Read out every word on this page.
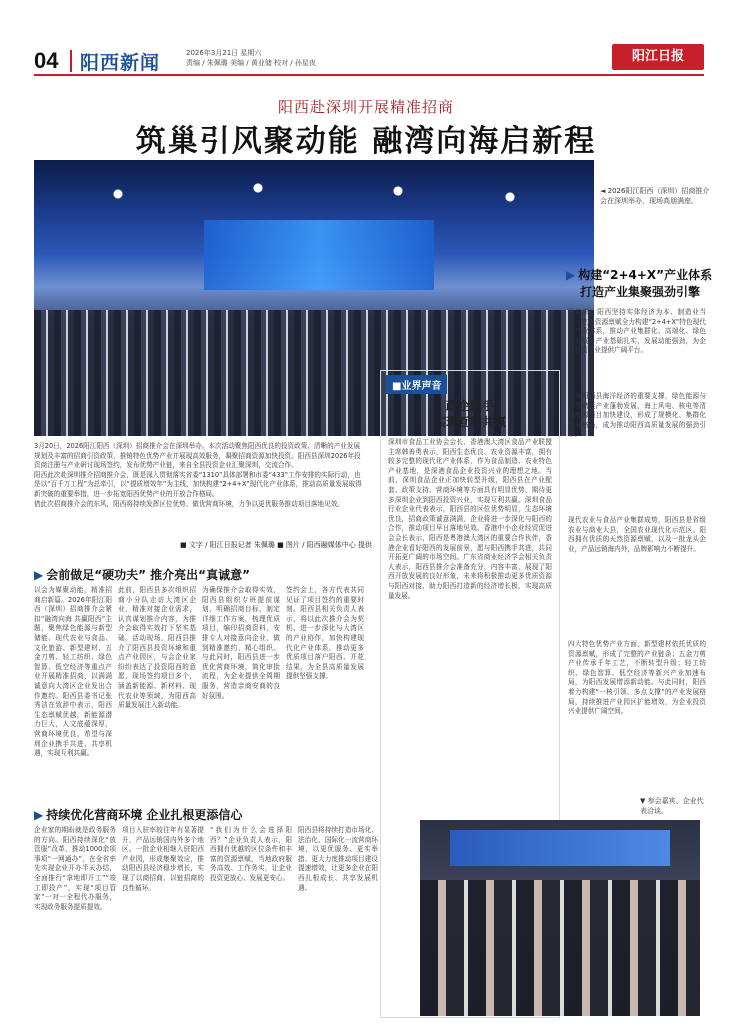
04 阳西新闻	2026年3月21日 星期六
责编 / 朱佩璐 美编 / 黄业储 校对 / 孙星夜	阳江日报
阳西赴深圳开展精准招商
筑巢引风聚动能 融湾向海启新程
◄ 2026阳江阳西（深圳）招商推介会在深圳举办，现场高朋满座。

3月20日，2026阳江阳西（深圳）招商推介会在深圳举办。本次活动聚焦阳西优良的投资政策、清晰的产业发展规划及丰富的招商引资政策，推销特色优势产业并展现高效服务，凝聚招商资源加快投资。阳西县深圳2026年投资商注册与产业研讨现场签约，发布优势产业链，来自全县投资企业汇聚深圳，交流合作。

阳西此次赴深圳推介招商推介会，既是深入贯彻落实省委“1310”具体部署和市委“433”工作安排的实际行动，也是以“百千万工程”为总牵引，以“提质增效年”为主线，加快构建“2+4+X”现代化产业体系，推动高质量发展取得新突破的重要举措，进一步拓宽阳西优势产业的开放合作格局。

借此次招商推介会的东风，阳西将持续发挥区位优势、做优营商环境，力争以更优服务推动项目落地见效。

■ 文字 / 阳江日报记者 朱佩璐 ■ 图片 / 阳西融媒体中心 提供
▶ 会前做足“硬功夫” 推介亮出“真诚意”
以会为媒聚动能，精准招商启新篇。2026年阳江阳西（深圳）招商推介会紧扣“融湾向海 共赢阳西”主题，聚焦绿色能源与新型储能、现代农业与食品、文化旅游、新型建材、五金刀剪、轻工纺织、绿色智算、低空经济等重点产业开展精准招商，以满满诚意向大湾区企业发出合作邀约。阳西县委书记张秀洁在致辞中表示，阳西生态禀赋优越，新能源潜力巨大，人文底蕴深厚，营商环境优良，希望与深圳企业携手共进、共享机遇，实现互利共赢。
此前，阳西县多次组织招商小分队走访大湾区企业，精准对接企业需求，认真谋划推介内容，为推介会取得实效打下坚实基础。活动现场，阳西县推介了阳西县投资环境和重点产业园区，与会企业家纷纷表达了投资阳西的意愿，现场签约项目多个，涵盖新能源、新材料、现代农业等领域，为阳西高质量发展注入新动能。
为确保推介会取得实效，阳西县组织专班提前谋划，明确招商目标，制定详细工作方案，梳理优质项目，编印招商资料，安排专人对接意向企业，做到精准邀约、精心组织。与此同时，阳西县进一步优化营商环境，简化审批流程，为企业提供全周期服务，营造亲商安商的良好氛围。
签约会上，各方代表共同见证了项目签约的重要时刻。阳西县相关负责人表示，将以此次推介会为契机，进一步深化与大湾区的产业协作，加快构建现代化产业体系，推动更多优质项目落户阳西、开花结果，为全县高质量发展提供坚强支撑。
▶ 持续优化营商环境 企业扎根更添信心
企业家的期盼就是政务服务的方向。阳西持续深化“放管服”改革，推动1000余项事项“一网通办”，在全省率先实现企业开办半天办结，全面推行“拿地即开工”“竣工即投产”，实现“项目管家”一对一全程代办服务，实现政务服务提质提效。
项目入驻率较往年有显著提升，产品远销国内外多个地区。一批企业相继入驻阳西产业园，形成集聚效应，推动阳西县经济稳步增长，实现了以商招商、以链招商的良性循环。
“我们为什么会选择阳西？”企业负责人表示，阳西拥有优越的区位条件和丰富的资源禀赋，当地政府服务高效、工作务实，让企业投资更放心、发展更安心。
阳西县将持续打造市场化、法治化、国际化一流营商环境，以更优服务、更实举措、更大力度推动项目建设提速增效，让更多企业在阳西扎根成长、共享发展机遇。
■业界声音
政企携手
实现互利共赢
深圳市食品工业协会会长、香港澳大湾区食品产业联盟主席韩善勇表示，阳西生态优良、农业资源丰富，拥有较多完整的现代化产业体系，作为食品制造、农业特色产业基地，是深港食品企业投资兴业的理想之地。当前，深圳食品企业正加快转型升级，阳西县在产业配套、政策支持、营商环境等方面具有明显优势，期待更多深圳企业到阳西投资兴业，实现互利共赢。深圳食品行业企业代表表示，阳西县的区位优势明显，生态环境优良，招商政策诚意满满，企业将进一步深化与阳西的合作，推动项目早日落地见效。香港中小企业经贸促进会会长表示，阳西是粤港澳大湾区的重要合作伙伴，香港企业看好阳西的发展前景，愿与阳西携手共进，共同开拓更广阔的市场空间。广东省商业经济学会相关负责人表示，阳西县推介会准备充分，内容丰富，展现了阳西开放发展的良好形象，未来将积极推动更多优质资源与阳西对接，助力阳西打造新的经济增长极，实现高质量发展。
▶ 构建“2+4+X”产业体系
打造产业集聚强劲引擎
近年来，阳西坚持实体经济为本、制造业当家，立足资源禀赋全力构建“2+4+X”特色现代化产业体系，推动产业集群化、高端化、绿色化发展，产业基础扎实，发展动能强劲，为企业投资兴业提供广阔平台。
作为阳西县海洋经济的重要支撑，绿色能源与新型储能产业蓬勃发展，海上风电、核电等清洁能源项目加快建设，形成了规模化、集群化发展格局，成为推动阳西高质量发展的强劲引擎。
现代农业与食品产业集群成势，阳西县是省级农业与商业大县，全国农业现代化示范区。阳西拥有优质的天然资源禀赋，以及一批龙头企业，产品远销海内外，品牌影响力不断提升。
四大特色优势产业方面，新型建材依托优质的资源禀赋，形成了完整的产业链条；五金刀剪产业传承千年工艺，不断转型升级；轻工纺织、绿色智算、低空经济等新兴产业加速布局，为阳西发展增添新动能。与此同时，阳西着力构建“一核引领、多点支撑”的产业发展格局，持续推进产业园区扩能增效，为企业投资兴业提供广阔空间。
▼ 参会嘉宾、企业代表洽谈。
